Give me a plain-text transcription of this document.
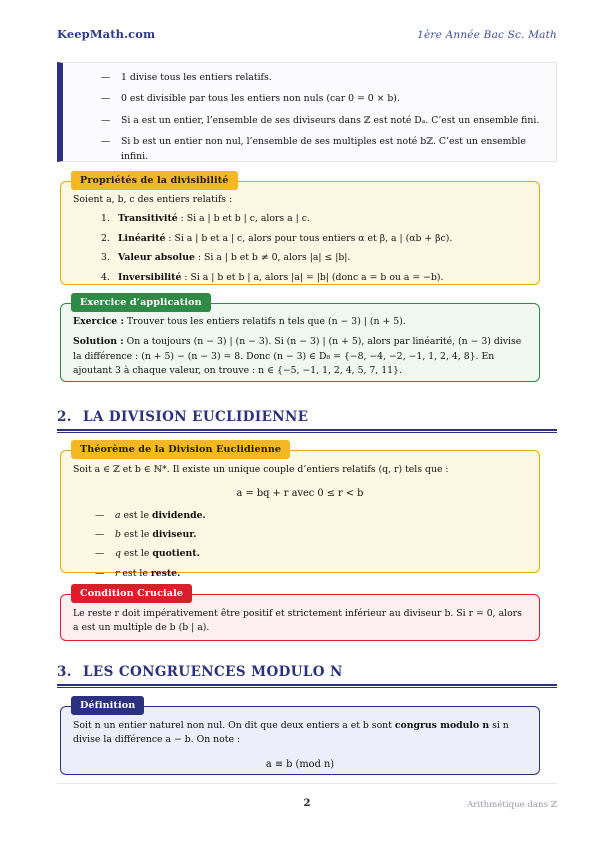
KeepMath.com	1ère Année Bac Sc. Math
— 1 divise tous les entiers relatifs.
— 0 est divisible par tous les entiers non nuls (car 0 = 0 × b).
— Si a est un entier, l’ensemble de ses diviseurs dans ℤ est noté Dₐ. C’est un ensemble fini.
— Si b est un entier non nul, l’ensemble de ses multiples est noté bℤ. C’est un ensemble infini.
Propriétés de la divisibilité

Soient a, b, c des entiers relatifs :

Transitivité : Si a | b et b | c, alors a | c.
Linéarité : Si a | b et a | c, alors pour tous entiers α et β, a | (αb + βc).
Valeur absolue : Si a | b et b ≠ 0, alors |a| ≤ |b|.
Inversibilité : Si a | b et b | a, alors |a| = |b| (donc a = b ou a = −b).
Exercice d’application

Exercice : Trouver tous les entiers relatifs n tels que (n − 3) | (n + 5).

Solution : On a toujours (n − 3) | (n − 3). Si (n − 3) | (n + 5), alors par linéarité, (n − 3) divise la différence : (n + 5) − (n − 3) = 8. Donc (n − 3) ∈ D₈ = {−8, −4, −2, −1, 1, 2, 4, 8}. En ajoutant 3 à chaque valeur, on trouve : n ∈ {−5, −1, 1, 2, 4, 5, 7, 11}.

2. LA DIVISION EUCLIDIENNE
Théorème de la Division Euclidienne

Soit a ∈ ℤ et b ∈ ℕ*. Il existe un unique couple d’entiers relatifs (q, r) tels que :

a = bq + r avec 0 ≤ r < b
— a est le dividende.
— b est le diviseur.
— q est le quotient.
— r est le reste.
Condition Cruciale

Le reste r doit impérativement être positif et strictement inférieur au diviseur b. Si r = 0, alors a est un multiple de b (b | a).

3. LES CONGRUENCES MODULO N
Définition

Soit n un entier naturel non nul. On dit que deux entiers a et b sont congrus modulo n si n divise la différence a − b. On note :

a ≡ b (mod n)
2	Arithmétique dans ℤ
